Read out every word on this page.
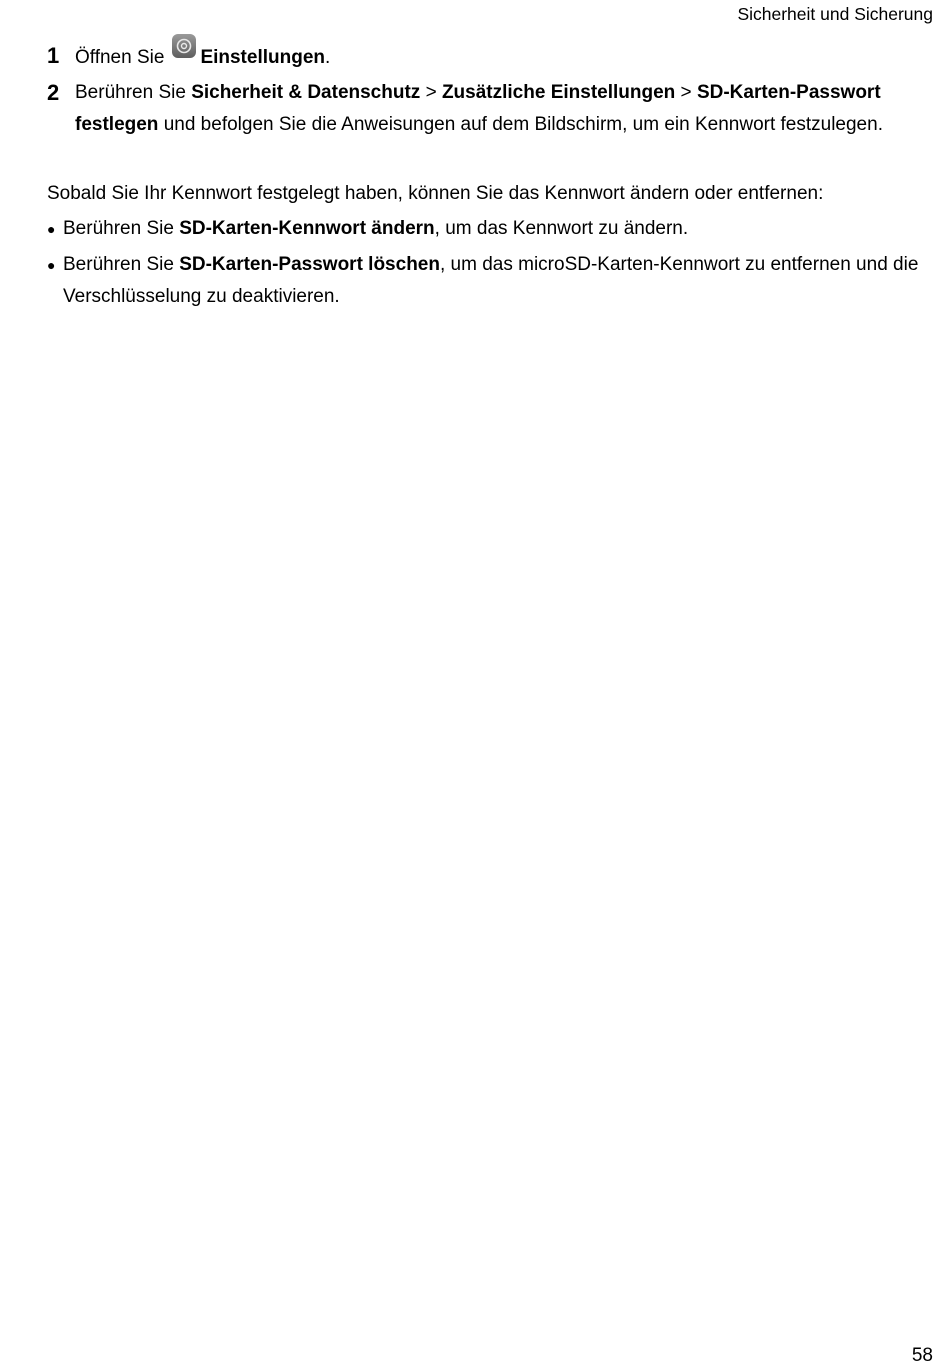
Sicherheit und Sicherung
1 Öffnen Sie Einstellungen.
2 Berühren Sie Sicherheit & Datenschutz > Zusätzliche Einstellungen > SD-Karten-Passwort festlegen und befolgen Sie die Anweisungen auf dem Bildschirm, um ein Kennwort festzulegen.
Sobald Sie Ihr Kennwort festgelegt haben, können Sie das Kennwort ändern oder entfernen:
● Berühren Sie SD-Karten-Kennwort ändern, um das Kennwort zu ändern.
● Berühren Sie SD-Karten-Passwort löschen, um das microSD-Karten-Kennwort zu entfernen und die Verschlüsselung zu deaktivieren.
58
